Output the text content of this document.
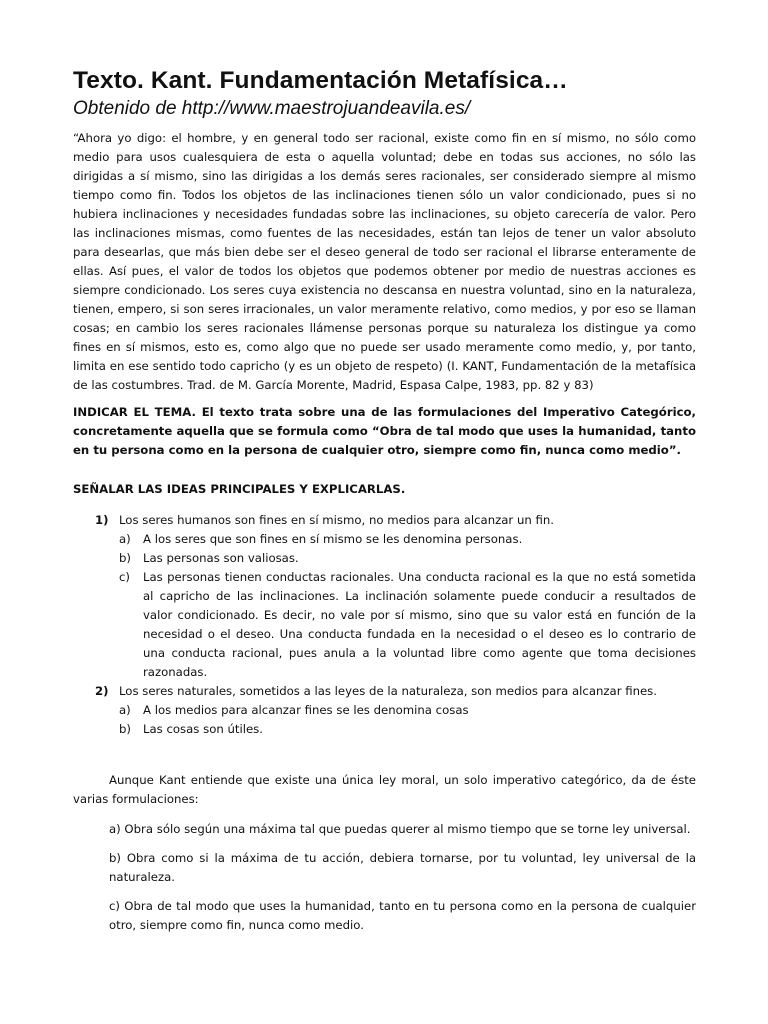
Texto. Kant. Fundamentación Metafísica…

Obtenido de http://www.maestrojuandeavila.es/

“Ahora yo digo: el hombre, y en general todo ser racional, existe como fin en sí mismo, no sólo como medio para usos cualesquiera de esta o aquella voluntad; debe en todas sus acciones, no sólo las dirigidas a sí mismo, sino las dirigidas a los demás seres racionales, ser considerado siempre al mismo tiempo como fin. Todos los objetos de las inclinaciones tienen sólo un valor condicionado, pues si no hubiera inclinaciones y necesidades fundadas sobre las inclinaciones, su objeto carecería de valor. Pero las inclinaciones mismas, como fuentes de las necesidades, están tan lejos de tener un valor absoluto para desearlas, que más bien debe ser el deseo general de todo ser racional el librarse enteramente de ellas. Así pues, el valor de todos los objetos que podemos obtener por medio de nuestras acciones es siempre condicionado. Los seres cuya existencia no descansa en nuestra voluntad, sino en la naturaleza, tienen, empero, si son seres irracionales, un valor meramente relativo, como medios, y por eso se llaman cosas; en cambio los seres racionales llámense personas porque su naturaleza los distingue ya como fines en sí mismos, esto es, como algo que no puede ser usado meramente como medio, y, por tanto, limita en ese sentido todo capricho (y es un objeto de respeto) (I. KANT, Fundamentación de la metafísica de las costumbres. Trad. de M. García Morente, Madrid, Espasa Calpe, 1983, pp. 82 y 83)

INDICAR EL TEMA. El texto trata sobre una de las formulaciones del Imperativo Categórico, concretamente aquella que se formula como “Obra de tal modo que uses la humanidad, tanto en tu persona como en la persona de cualquier otro, siempre como fin, nunca como medio”.

SEÑALAR LAS IDEAS PRINCIPALES Y EXPLICARLAS.

1) Los seres humanos son fines en sí mismo, no medios para alcanzar un fin.
a) A los seres que son fines en sí mismo se les denomina personas.
b) Las personas son valiosas.
c) Las personas tienen conductas racionales. Una conducta racional es la que no está sometida al capricho de las inclinaciones. La inclinación solamente puede conducir a resultados de valor condicionado. Es decir, no vale por sí mismo, sino que su valor está en función de la necesidad o el deseo. Una conducta fundada en la necesidad o el deseo es lo contrario de una conducta racional, pues anula a la voluntad libre como agente que toma decisiones razonadas.
2) Los seres naturales, sometidos a las leyes de la naturaleza, son medios para alcanzar fines.
a) A los medios para alcanzar fines se les denomina cosas
b) Las cosas son útiles.

Aunque Kant entiende que existe una única ley moral, un solo imperativo categórico, da de éste varias formulaciones:

a) Obra sólo según una máxima tal que puedas querer al mismo tiempo que se torne ley universal.

b) Obra como si la máxima de tu acción, debiera tornarse, por tu voluntad, ley universal de la naturaleza.

c) Obra de tal modo que uses la humanidad, tanto en tu persona como en la persona de cualquier otro, siempre como fin, nunca como medio.
